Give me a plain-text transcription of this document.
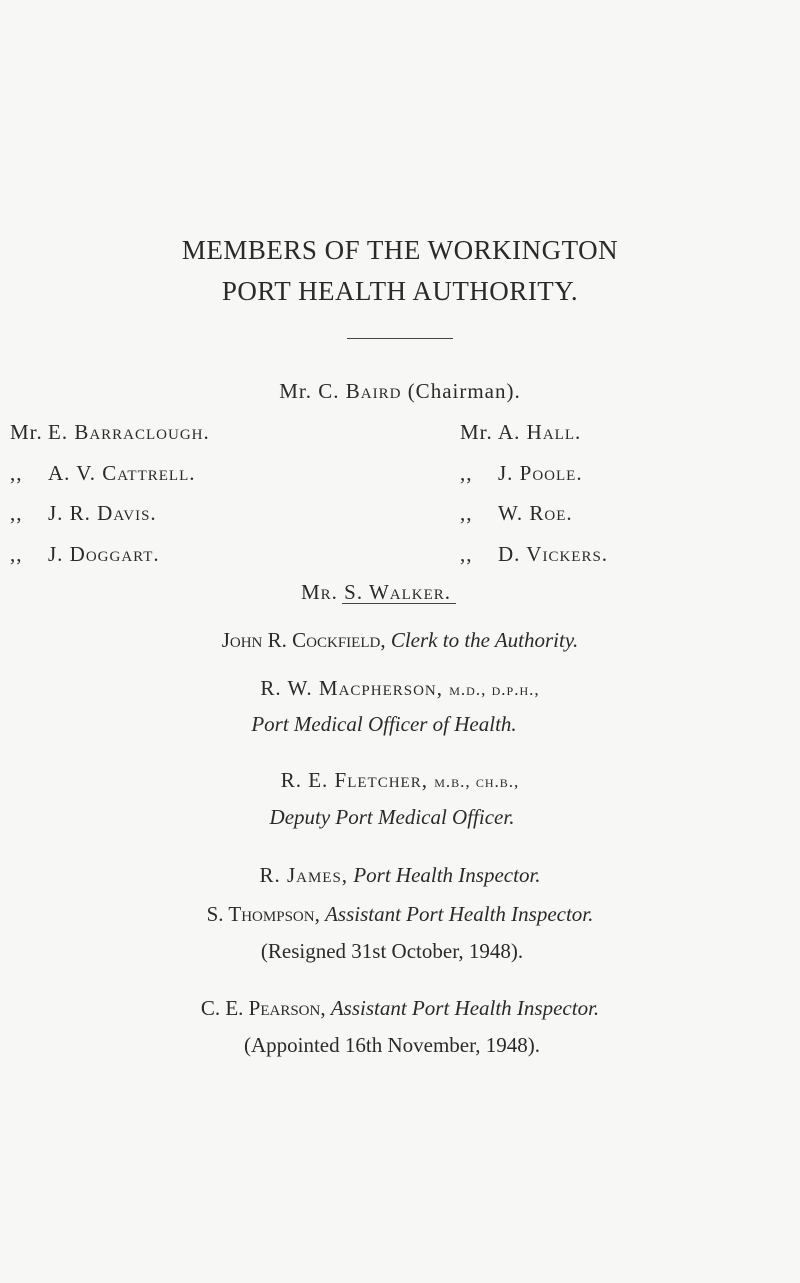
MEMBERS OF THE WORKINGTON
PORT HEALTH AUTHORITY.
Mr. C. Baird (Chairman).
Mr. E. Barraclough.
,, A. V. Cattrell.
,, J. R. Davis.
,, J. Doggart.
Mr. A. Hall.
,, J. Poole.
,, W. Roe.
,, D. Vickers.
Mr. S. Walker.
John R. Cockfield, Clerk to the Authority.
R. W. Macpherson, m.d., d.p.h.,
Port Medical Officer of Health.
R. E. Fletcher, m.b., ch.b.,
Deputy Port Medical Officer.
R. James, Port Health Inspector.
S. Thompson, Assistant Port Health Inspector.
(Resigned 31st October, 1948).
C. E. Pearson, Assistant Port Health Inspector.
(Appointed 16th November, 1948).
